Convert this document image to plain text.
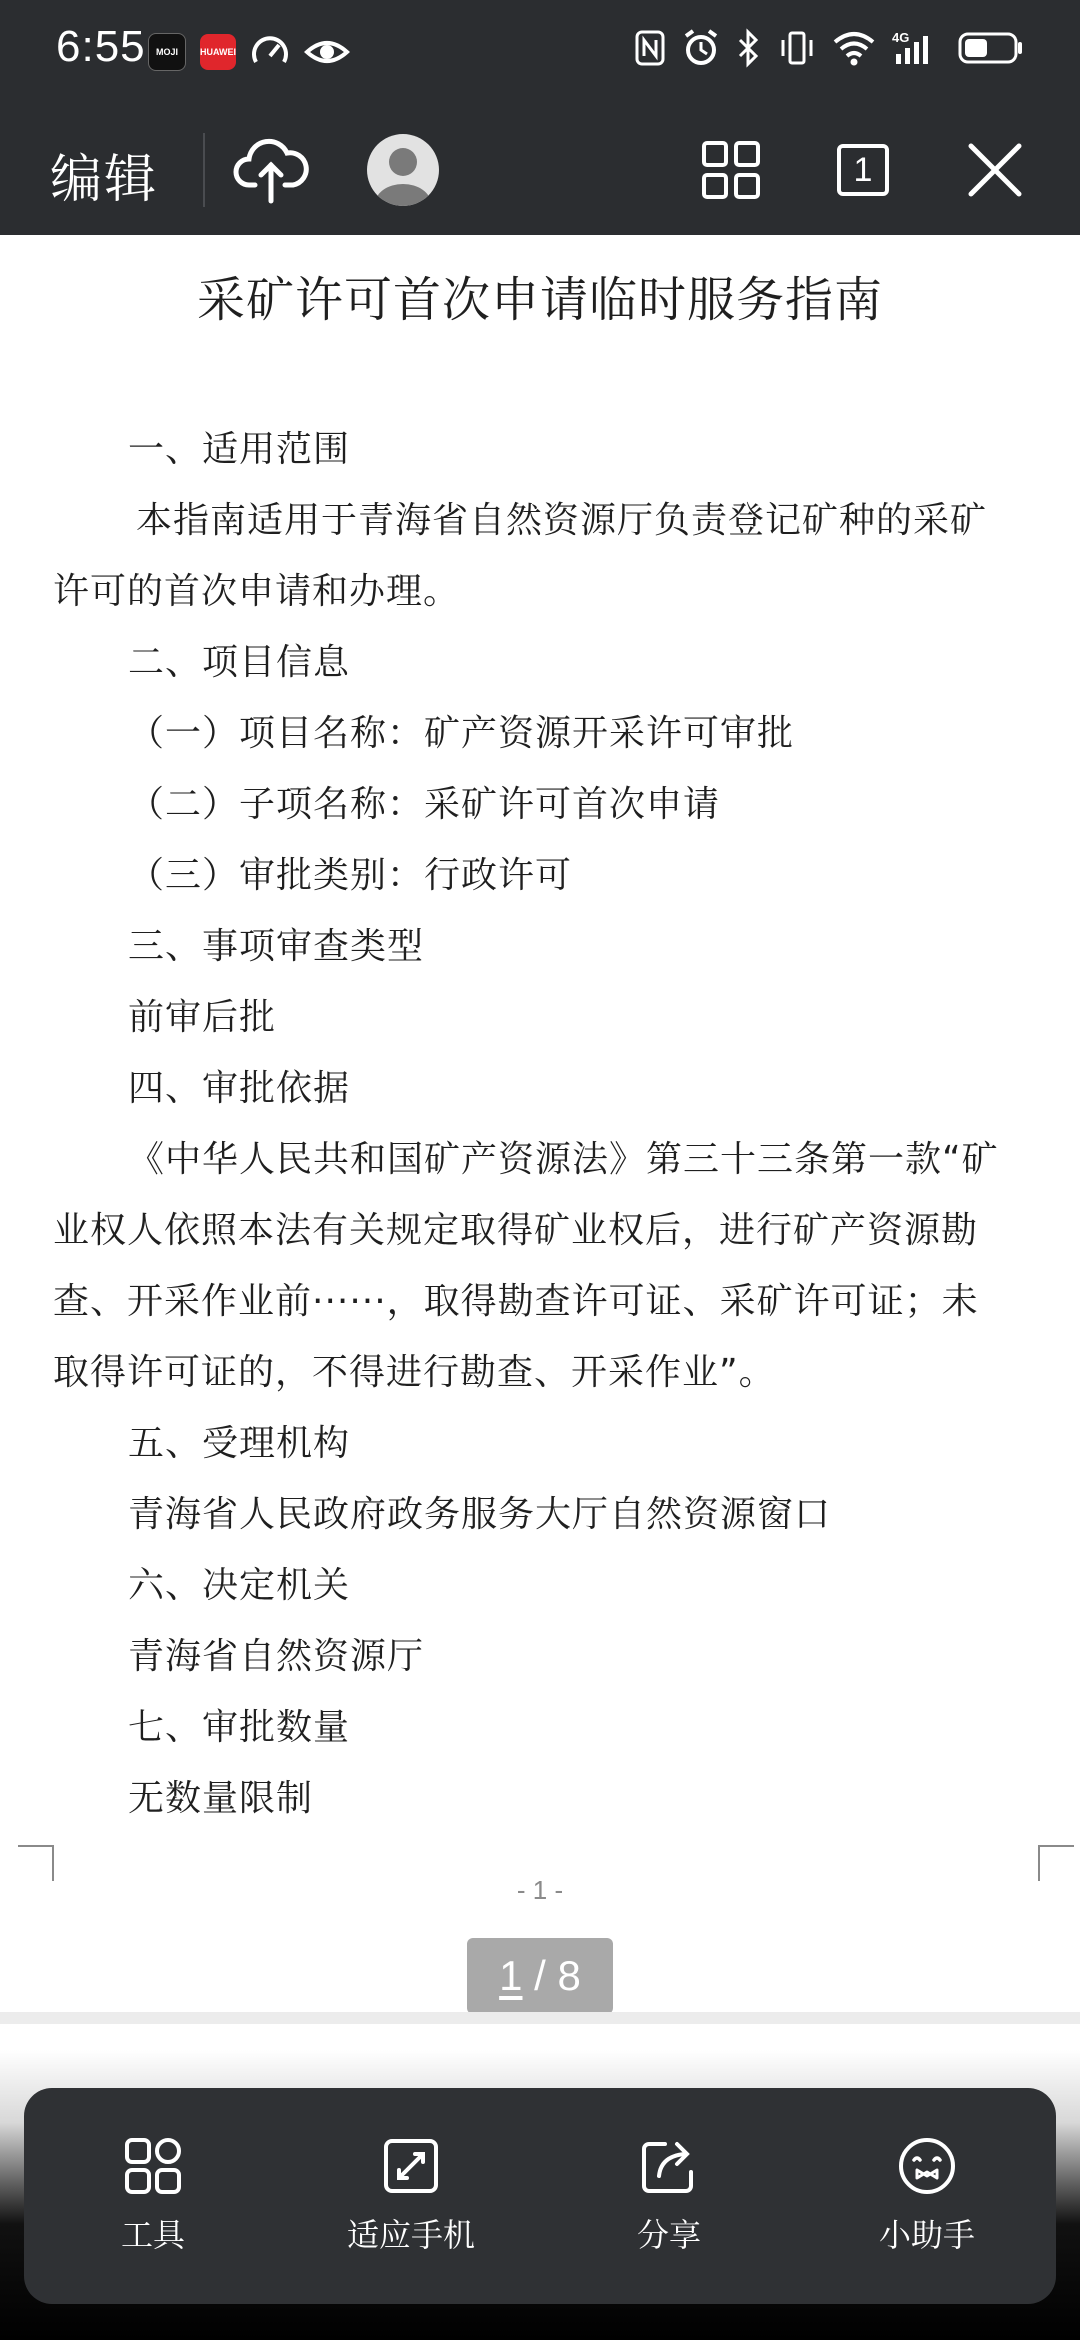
6:55	MOJI	HUAWEI
4G
编辑	1
采矿许可首次申请临时服务指南
一、适用范围
本指南适用于青海省自然资源厅负责登记矿种的采矿
许可的首次申请和办理。
二、项目信息
（一）项目名称：矿产资源开采许可审批
（二）子项名称：采矿许可首次申请
（三）审批类别：行政许可
三、事项审查类型
前审后批
四、审批依据
《中华人民共和国矿产资源法》第三十三条第一款“矿
业权人依照本法有关规定取得矿业权后，进行矿产资源勘
查、开采作业前······，取得勘查许可证、采矿许可证；未
取得许可证的，不得进行勘查、开采作业”。
五、受理机构
青海省人民政府政务服务大厅自然资源窗口
六、决定机关
青海省自然资源厅
七、审批数量
无数量限制
- 1 -
1 / 8
工具	适应手机	分享	小助手
